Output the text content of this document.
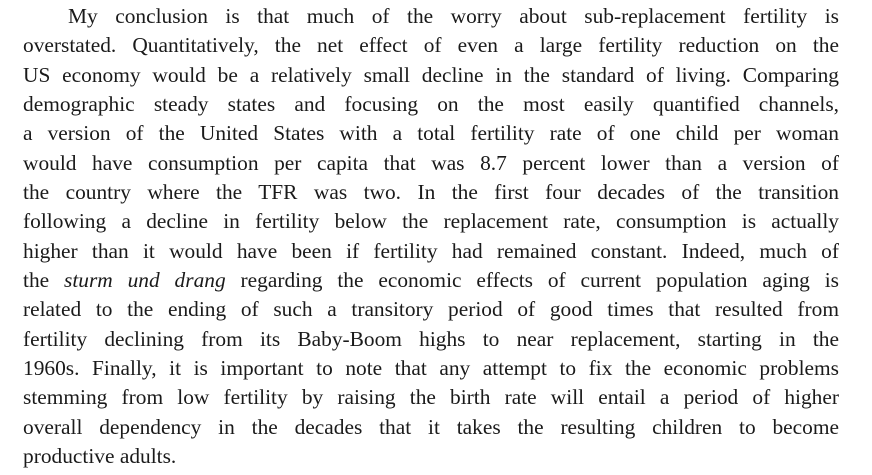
My conclusion is that much of the worry about sub-replacement fertility is
overstated. Quantitatively, the net effect of even a large fertility reduction on the
US economy would be a relatively small decline in the standard of living. Comparing
demographic steady states and focusing on the most easily quantified channels,
a version of the United States with a total fertility rate of one child per woman
would have consumption per capita that was 8.7 percent lower than a version of
the country where the TFR was two. In the first four decades of the transition
following a decline in fertility below the replacement rate, consumption is actually
higher than it would have been if fertility had remained constant. Indeed, much of
the sturm und drang regarding the economic effects of current population aging is
related to the ending of such a transitory period of good times that resulted from
fertility declining from its Baby-Boom highs to near replacement, starting in the
1960s. Finally, it is important to note that any attempt to fix the economic problems
stemming from low fertility by raising the birth rate will entail a period of higher
overall dependency in the decades that it takes the resulting children to become
productive adults.
